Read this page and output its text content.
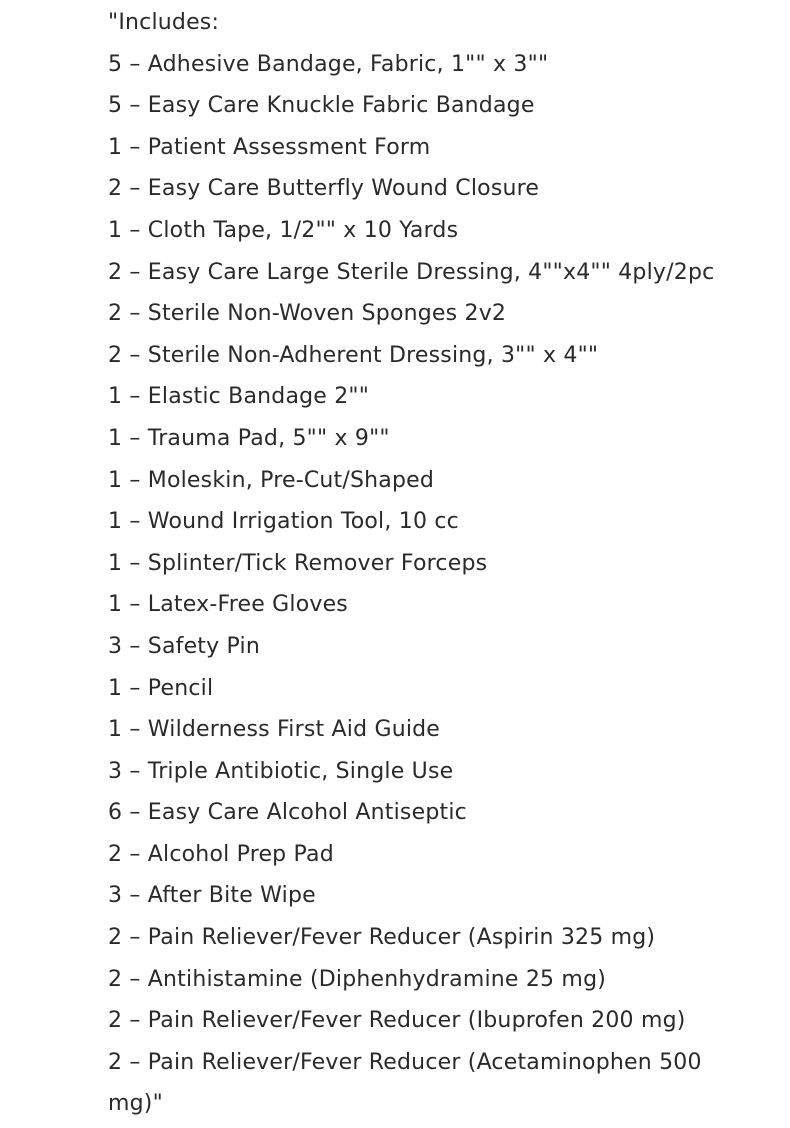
"Includes:
5 – Adhesive Bandage, Fabric, 1"" x 3""
5 – Easy Care Knuckle Fabric Bandage
1 – Patient Assessment Form
2 – Easy Care Butterfly Wound Closure
1 – Cloth Tape, 1/2"" x 10 Yards
2 – Easy Care Large Sterile Dressing, 4""x4"" 4ply/2pc
2 – Sterile Non-Woven Sponges 2v2
2 – Sterile Non-Adherent Dressing, 3"" x 4""
1 – Elastic Bandage 2""
1 – Trauma Pad, 5"" x 9""
1 – Moleskin, Pre-Cut/Shaped
1 – Wound Irrigation Tool, 10 cc
1 – Splinter/Tick Remover Forceps
1 – Latex-Free Gloves
3 – Safety Pin
1 – Pencil
1 – Wilderness First Aid Guide
3 – Triple Antibiotic, Single Use
6 – Easy Care Alcohol Antiseptic
2 – Alcohol Prep Pad
3 – After Bite Wipe
2 – Pain Reliever/Fever Reducer (Aspirin 325 mg)
2 – Antihistamine (Diphenhydramine 25 mg)
2 – Pain Reliever/Fever Reducer (Ibuprofen 200 mg)
2 – Pain Reliever/Fever Reducer (Acetaminophen 500 mg)"
